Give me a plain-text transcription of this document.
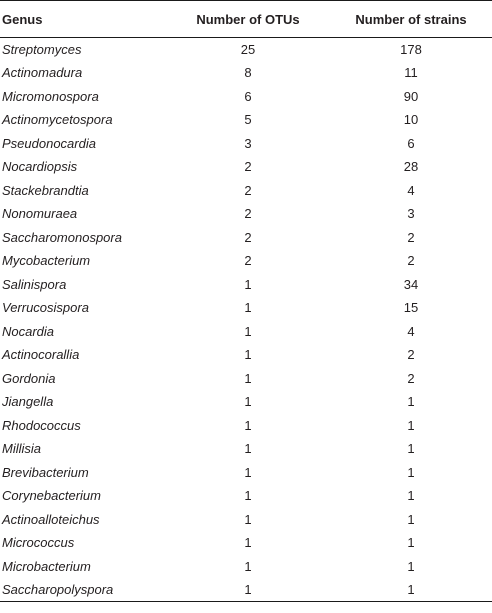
Genus	Number of OTUs	Number of strains
Streptomyces	25	178
Actinomadura	8	11
Micromonospora	6	90
Actinomycetospora	5	10
Pseudonocardia	3	6
Nocardiopsis	2	28
Stackebrandtia	2	4
Nonomuraea	2	3
Saccharomonospora	2	2
Mycobacterium	2	2
Salinispora	1	34
Verrucosispora	1	15
Nocardia	1	4
Actinocorallia	1	2
Gordonia	1	2
Jiangella	1	1
Rhodococcus	1	1
Millisia	1	1
Brevibacterium	1	1
Corynebacterium	1	1
Actinoalloteichus	1	1
Micrococcus	1	1
Microbacterium	1	1
Saccharopolyspora	1	1
